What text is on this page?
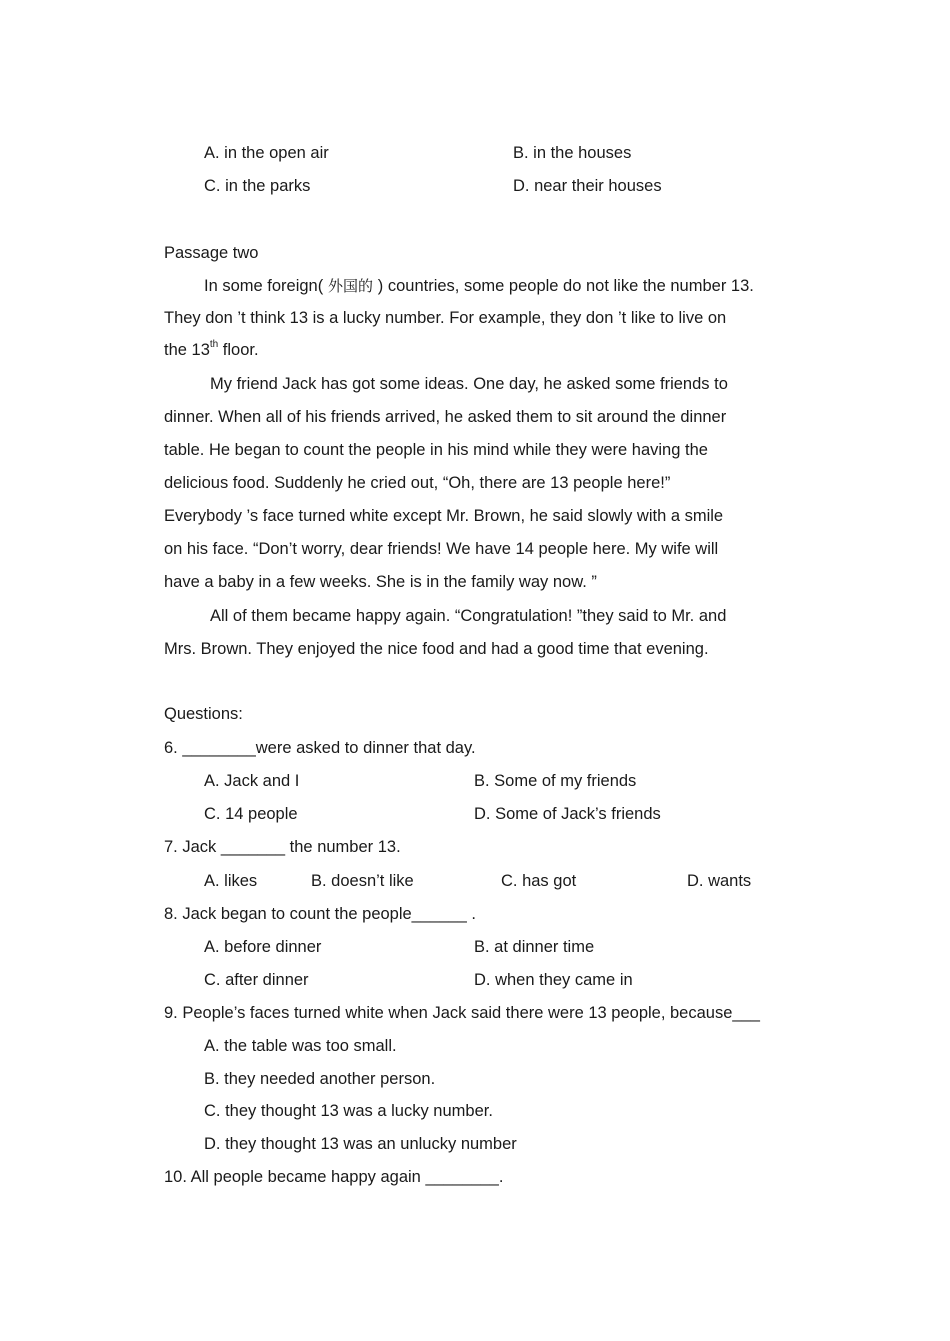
A. in the open air	B. in the houses
C. in the parks	D. near their houses
Passage two
In some foreign( 外国的 ) countries, some people do not like the number 13.
They don ’t think 13 is a lucky number. For example, they don ’t like to live on
the 13th floor.
My friend Jack has got some ideas. One day, he asked some friends to
dinner. When all of his friends arrived, he asked them to sit around the dinner
table. He began to count the people in his mind while they were having the
delicious food. Suddenly he cried out, “Oh, there are 13 people here!”
Everybody ’s face turned white except Mr. Brown, he said slowly with a smile
on his face. “Don’t worry, dear friends! We have 14 people here. My wife will
have a baby in a few weeks. She is in the family way now. ”
All of them became happy again. “Congratulation! ”they said to Mr. and
Mrs. Brown. They enjoyed the nice food and had a good time that evening.
Questions:
6. ________were asked to dinner that day.
A. Jack and I	B. Some of my friends
C. 14 people	D. Some of Jack’s friends
7. Jack _______ the number 13.
A. likes	B. doesn’t like	C. has got	D. wants
8. Jack began to count the people______ .
A. before dinner	B. at dinner time
C. after dinner	D. when they came in
9. People’s faces turned white when Jack said there were 13 people, because___
A. the table was too small.
B. they needed another person.
C. they thought 13 was a lucky number.
D. they thought 13 was an unlucky number
10. All people became happy again ________.
